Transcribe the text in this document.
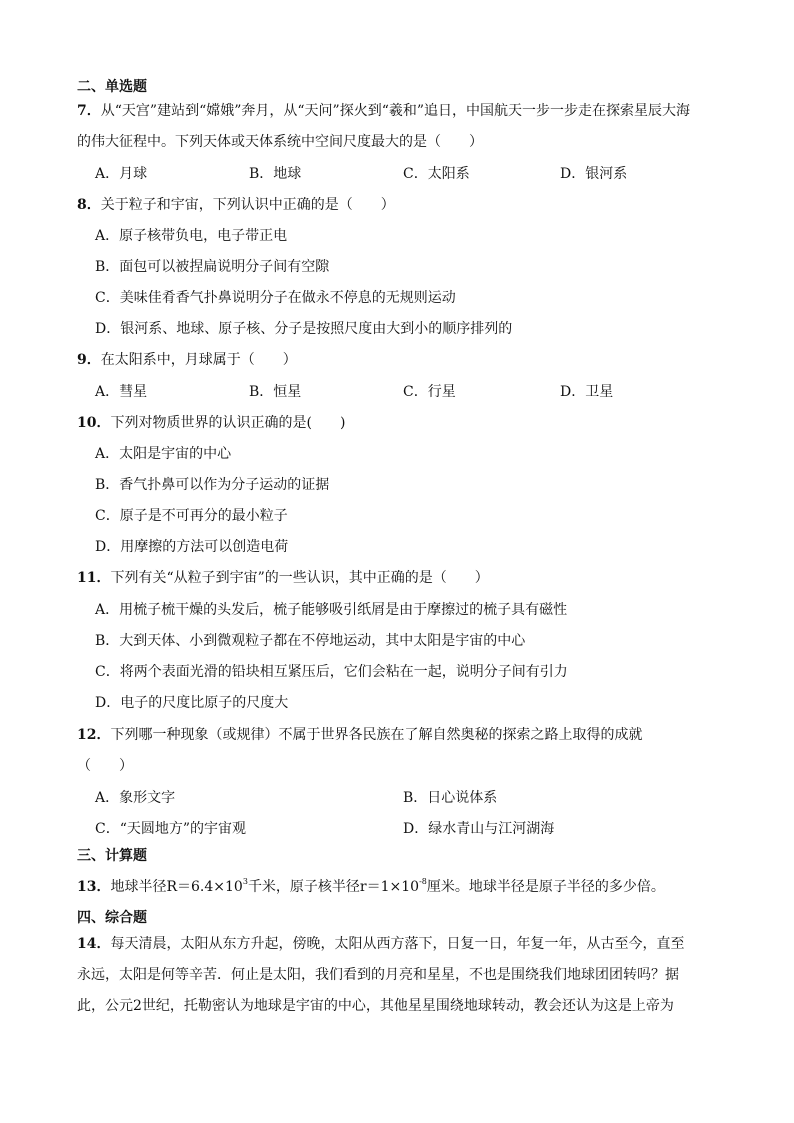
二、单选题
7．从“天宫”建站到“嫦娥”奔月，从“天问”探火到“羲和”追日，中国航天一步一步走在探索星辰大海
的伟大征程中。下列天体或天体系统中空间尺度最大的是（　　）
A．月球	B．地球	C．太阳系	D．银河系
8．关于粒子和宇宙，下列认识中正确的是（　　）
A．原子核带负电，电子带正电
B．面包可以被捏扁说明分子间有空隙
C．美味佳肴香气扑鼻说明分子在做永不停息的无规则运动
D．银河系、地球、原子核、分子是按照尺度由大到小的顺序排列的
9．在太阳系中，月球属于（　　）
A．彗星	B．恒星	C．行星	D．卫星
10．下列对物质世界的认识正确的是(　　)
A．太阳是宇宙的中心
B．香气扑鼻可以作为分子运动的证据
C．原子是不可再分的最小粒子
D．用摩擦的方法可以创造电荷
11．下列有关“从粒子到宇宙”的一些认识，其中正确的是（　　）
A．用梳子梳干燥的头发后，梳子能够吸引纸屑是由于摩擦过的梳子具有磁性
B．大到天体、小到微观粒子都在不停地运动，其中太阳是宇宙的中心
C．将两个表面光滑的铅块相互紧压后，它们会粘在一起，说明分子间有引力
D．电子的尺度比原子的尺度大
12．下列哪一种现象（或规律）不属于世界各民族在了解自然奥秘的探索之路上取得的成就
（　　）
A．象形文字	B．日心说体系
C．“天圆地方”的宇宙观	D．绿水青山与江河湖海
三、计算题
13．地球半径$R=6.4\times 10^3$千米，原子核半径$r=1\times 10^{-8}$厘米。地球半径是原子半径的多少倍。
四、综合题
14．每天清晨，太阳从东方升起，傍晚，太阳从西方落下，日复一日，年复一年，从古至今，直至
永远，太阳是何等辛苦．何止是太阳，我们看到的月亮和星星，不也是围绕我们地球团团转吗？据
此，公元2世纪，托勒密认为地球是宇宙的中心，其他星星围绕地球转动，教会还认为这是上帝为
